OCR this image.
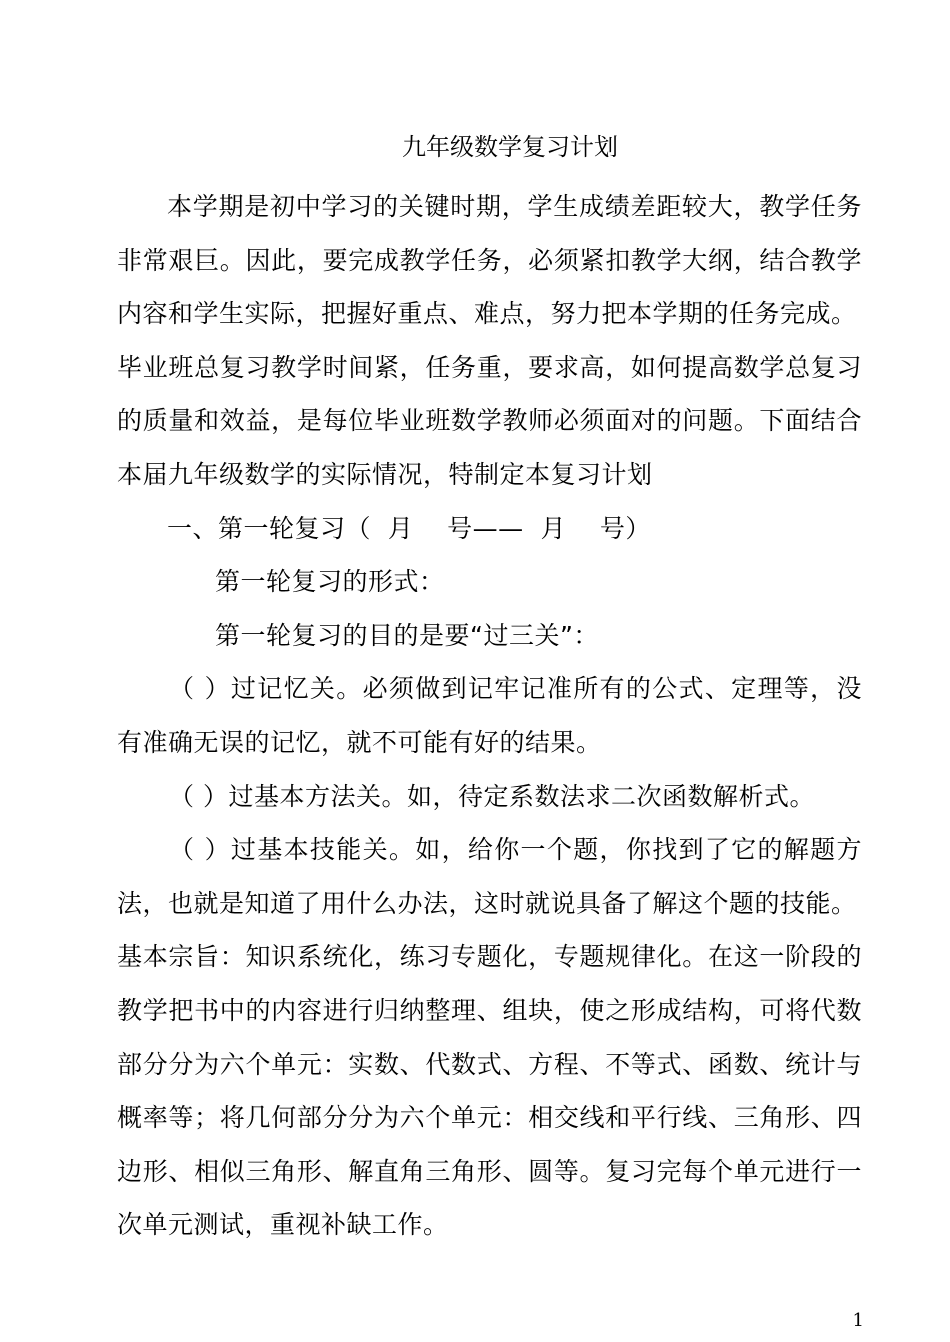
九年级数学复习计划

本学期是初中学习的关键时期，学生成绩差距较大，教学任务非常艰巨。因此，要完成教学任务，必须紧扣教学大纲，结合教学内容和学生实际，把握好重点、难点，努力把本学期的任务完成。

毕业班总复习教学时间紧，任务重，要求高，如何提高数学总复习的质量和效益，是每位毕业班数学教师必须面对的问题。下面结合本届九年级数学的实际情况，特制定本复习计划

一、第一轮复习（  月    号——  月    号）

第一轮复习的形式：

第一轮复习的目的是要“过三关”：

（ ）过记忆关。必须做到记牢记准所有的公式、定理等，没有准确无误的记忆，就不可能有好的结果。

（ ）过基本方法关。如，待定系数法求二次函数解析式。

（ ）过基本技能关。如，给你一个题，你找到了它的解题方法，也就是知道了用什么办法，这时就说具备了解这个题的技能。

基本宗旨：知识系统化，练习专题化，专题规律化。在这一阶段的教学把书中的内容进行归纳整理、组块，使之形成结构，可将代数部分分为六个单元：实数、代数式、方程、不等式、函数、统计与概率等；将几何部分分为六个单元：相交线和平行线、三角形、四边形、相似三角形、解直角三角形、圆等。复习完每个单元进行一次单元测试，重视补缺工作。

1
